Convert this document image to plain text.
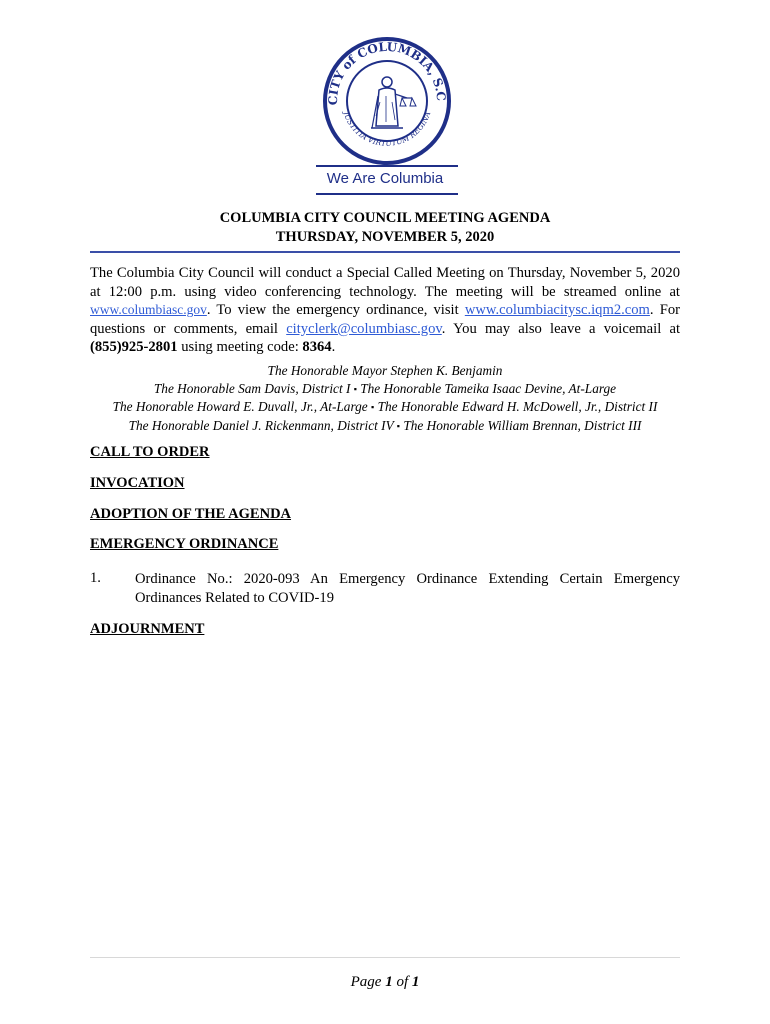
CITY of COLUMBIA, S.C
JUSTITIA VIRTUTUM REGINA
We Are Columbia
COLUMBIA CITY COUNCIL MEETING AGENDA
THURSDAY, NOVEMBER 5, 2020
The Columbia City Council will conduct a Special Called Meeting on Thursday, November 5, 2020 at 12:00 p.m. using video conferencing technology. The meeting will be streamed online at www.columbiasc.gov. To view the emergency ordinance, visit www.columbiacitysc.iqm2.com. For questions or comments, email cityclerk@columbiasc.gov. You may also leave a voicemail at (855)925-2801 using meeting code: 8364.
The Honorable Mayor Stephen K. Benjamin
The Honorable Sam Davis, District I ▪ The Honorable Tameika Isaac Devine, At-Large
The Honorable Howard E. Duvall, Jr., At-Large ▪ The Honorable Edward H. McDowell, Jr., District II
The Honorable Daniel J. Rickenmann, District IV ▪ The Honorable William Brennan, District III
CALL TO ORDER
INVOCATION
ADOPTION OF THE AGENDA
EMERGENCY ORDINANCE
1. Ordinance No.: 2020-093 An Emergency Ordinance Extending Certain Emergency Ordinances Related to COVID-19
ADJOURNMENT
Page 1 of 1
